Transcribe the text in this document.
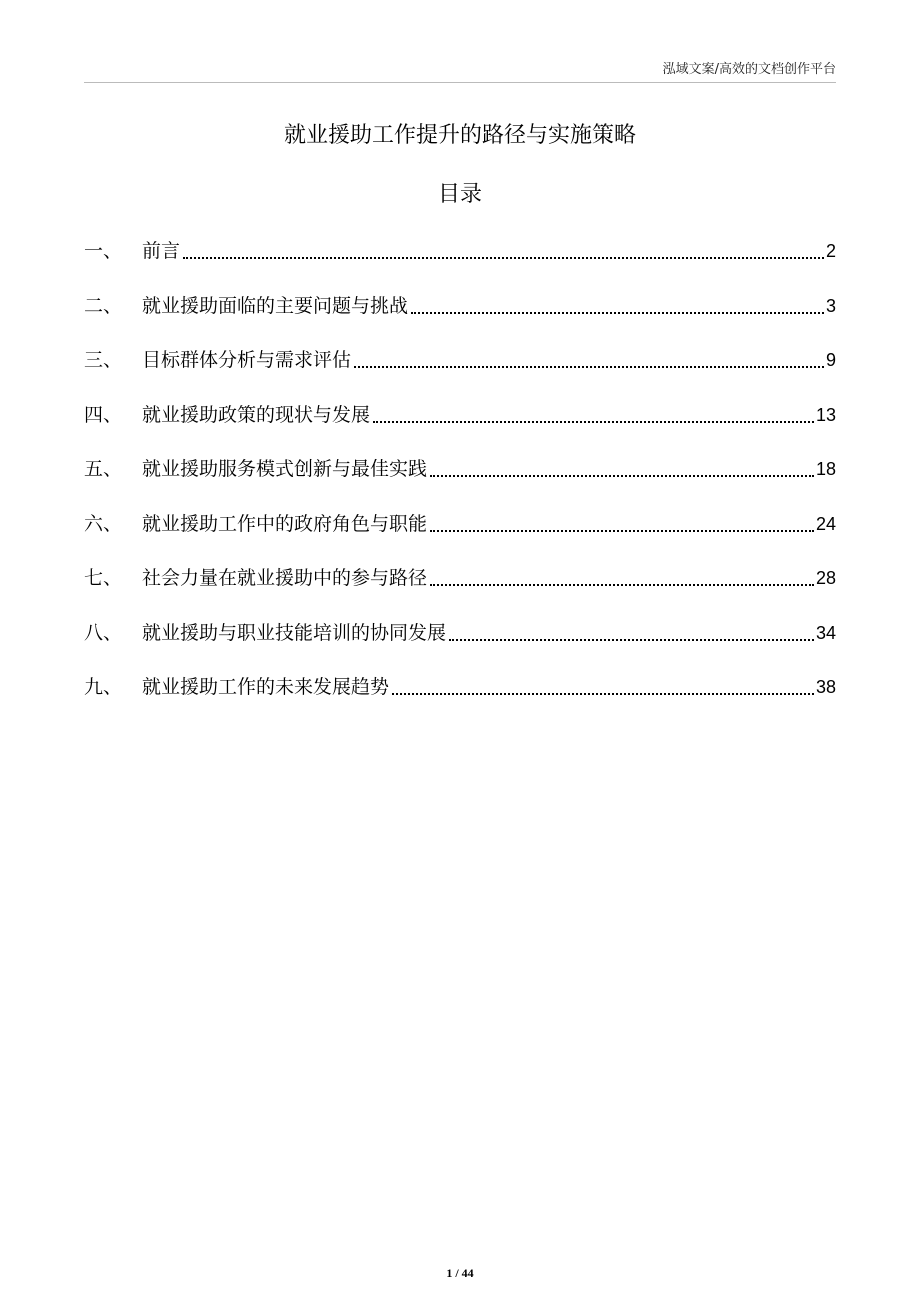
泓域文案/高效的文档创作平台
就业援助工作提升的路径与实施策略
目录
一、	前言	2
二、	就业援助面临的主要问题与挑战	3
三、	目标群体分析与需求评估	9
四、	就业援助政策的现状与发展	13
五、	就业援助服务模式创新与最佳实践	18
六、	就业援助工作中的政府角色与职能	24
七、	社会力量在就业援助中的参与路径	28
八、	就业援助与职业技能培训的协同发展	34
九、	就业援助工作的未来发展趋势	38
1 / 44
